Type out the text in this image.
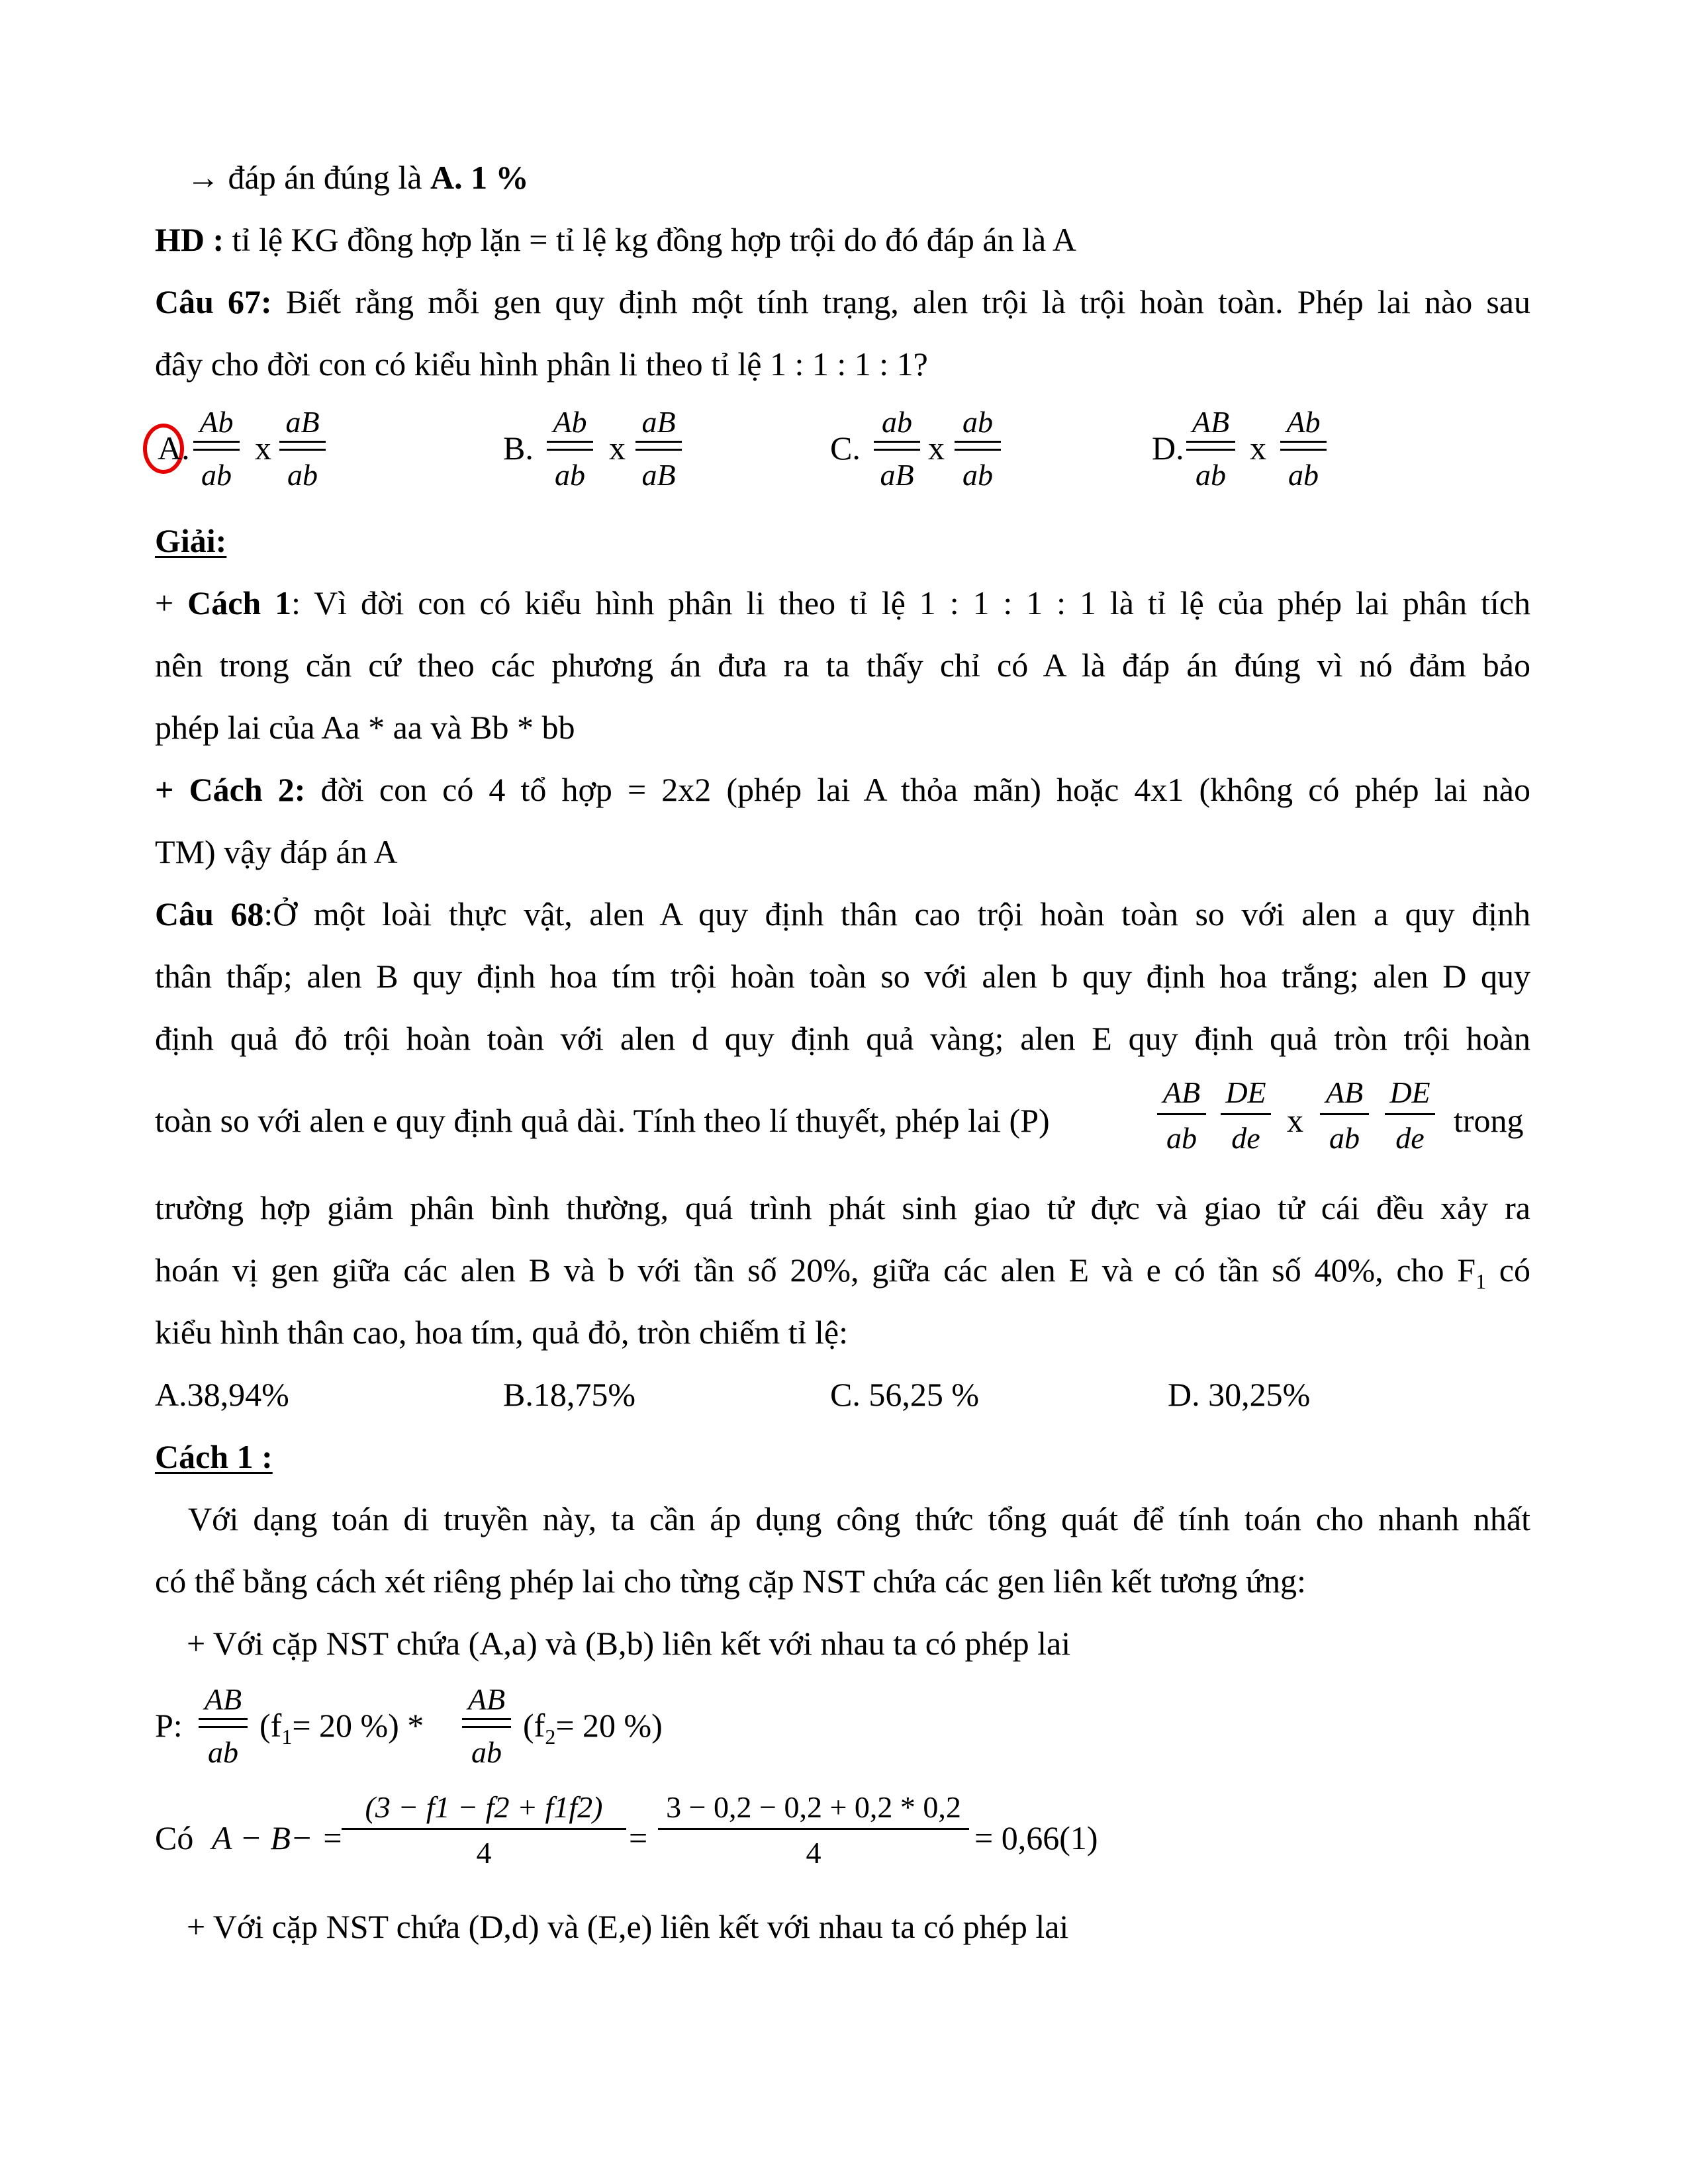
→ đáp án đúng là A. 1 %
HD : tỉ lệ KG đồng hợp lặn = tỉ lệ kg đồng hợp trội do đó đáp án là A
Câu 67: Biết rằng mỗi gen quy định một tính trạng, alen trội là trội hoàn toàn. Phép lai nào sau
đây cho đời con có kiểu hình phân li theo tỉ lệ 1 : 1 : 1 : 1?
A.
Ab
ab
x
aB
ab
B.
Ab
ab
x
aB
aB
C.
ab
aB
x
ab
ab
D.
AB
ab
x
Ab
ab
Giải:
+ Cách 1: Vì đời con có kiểu hình phân li theo tỉ lệ 1 : 1 : 1 : 1 là tỉ lệ của phép lai phân tích
nên trong căn cứ theo các phương án đưa ra ta thấy chỉ có A là đáp án đúng vì nó đảm bảo
phép lai của Aa * aa và Bb * bb
+ Cách 2: đời con có 4 tổ hợp = 2x2 (phép lai A thỏa mãn) hoặc 4x1 (không có phép lai nào
TM) vậy đáp án A
Câu 68:Ở một loài thực vật, alen A quy định thân cao trội hoàn toàn so với alen a quy định
thân thấp; alen B quy định hoa tím trội hoàn toàn so với alen b quy định hoa trắng; alen D quy
định quả đỏ trội hoàn toàn với alen d quy định quả vàng; alen E quy định quả tròn trội hoàn
toàn so với alen e quy định quả dài. Tính theo lí thuyết, phép lai (P)
AB
ab
DE
de x
AB
ab
DE
de trong
trường hợp giảm phân bình thường, quá trình phát sinh giao tử đực và giao tử cái đều xảy ra
hoán vị gen giữa các alen B và b với tần số 20%, giữa các alen E và e có tần số 40%, cho $F_1$ có
kiểu hình thân cao, hoa tím, quả đỏ, tròn chiếm tỉ lệ:
A.38,94%	B.18,75%	C. 56,25 %	D. 30,25%
Cách 1 :
Với dạng toán di truyền này, ta cần áp dụng công thức tổng quát để tính toán cho nhanh nhất
có thể bằng cách xét riêng phép lai cho từng cặp NST chứa các gen liên kết tương ứng:
+ Với cặp NST chứa (A,a) và (B,b) liên kết với nhau ta có phép lai
P:
AB
ab
($f_1= 20$ %) *
AB
ab
($f_2= 20$ %)
Có A − B− =
(3 − f1 − f2 + f1f2)
4	=
3 − 0,2 − 0,2 + 0,2 * 0,2
4	= 0,66(1)
+ Với cặp NST chứa (D,d) và (E,e) liên kết với nhau ta có phép lai
